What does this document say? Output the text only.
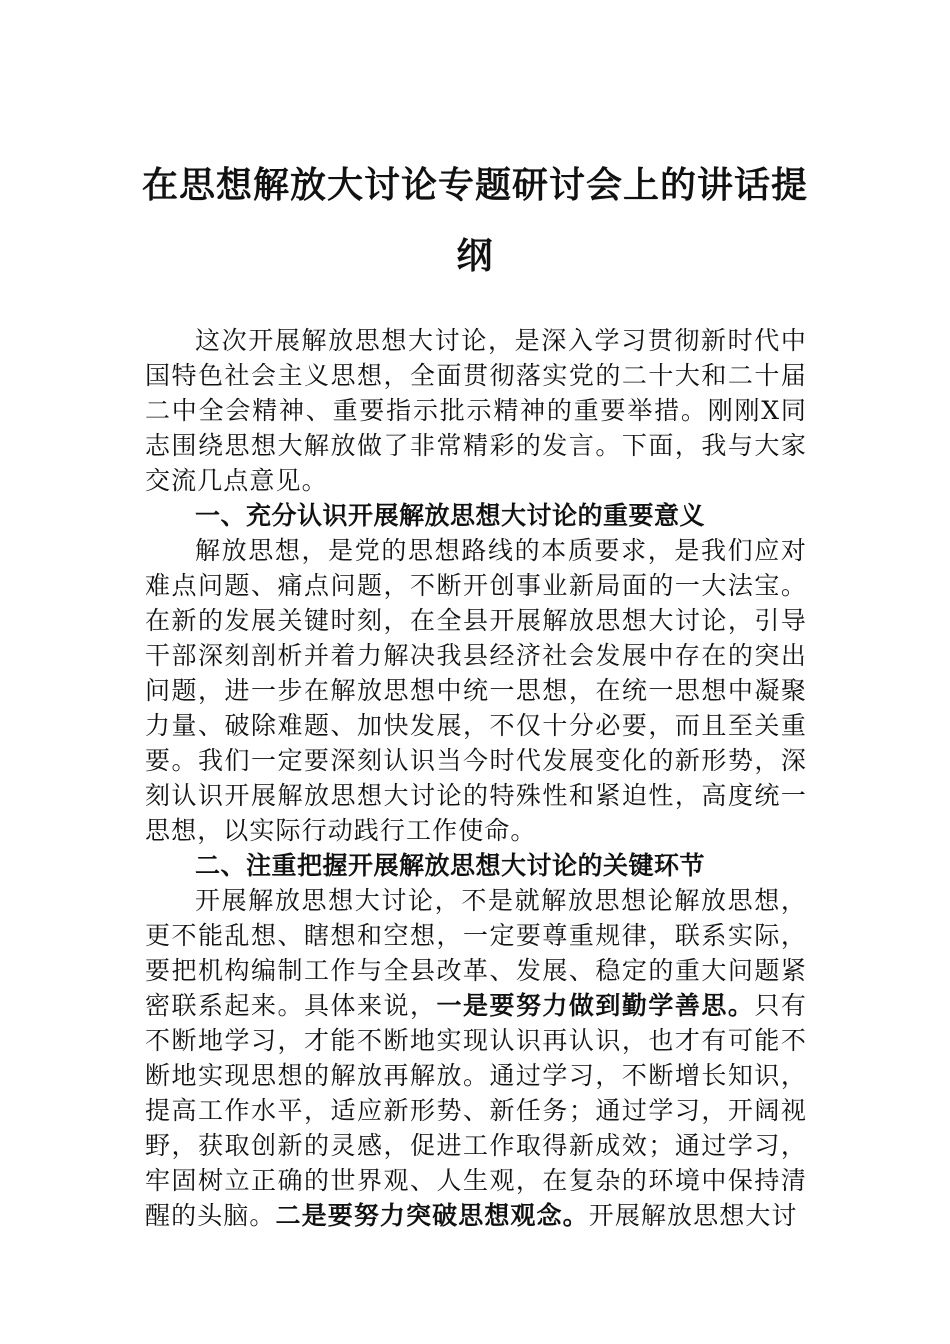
在思想解放大讨论专题研讨会上的讲话提纲

这次开展解放思想大讨论，是深入学习贯彻新时代中国特色社会主义思想，全面贯彻落实党的二十大和二十届二中全会精神、重要指示批示精神的重要举措。刚刚X同志围绕思想大解放做了非常精彩的发言。下面，我与大家交流几点意见。

一、充分认识开展解放思想大讨论的重要意义

解放思想，是党的思想路线的本质要求，是我们应对难点问题、痛点问题，不断开创事业新局面的一大法宝。在新的发展关键时刻，在全县开展解放思想大讨论，引导干部深刻剖析并着力解决我县经济社会发展中存在的突出问题，进一步在解放思想中统一思想，在统一思想中凝聚力量、破除难题、加快发展，不仅十分必要，而且至关重要。我们一定要深刻认识当今时代发展变化的新形势，深刻认识开展解放思想大讨论的特殊性和紧迫性，高度统一思想，以实际行动践行工作使命。

二、注重把握开展解放思想大讨论的关键环节

开展解放思想大讨论，不是就解放思想论解放思想，更不能乱想、瞎想和空想，一定要尊重规律，联系实际，要把机构编制工作与全县改革、发展、稳定的重大问题紧密联系起来。具体来说，一是要努力做到勤学善思。只有不断地学习，才能不断地实现认识再认识，也才有可能不断地实现思想的解放再解放。通过学习，不断增长知识，提高工作水平，适应新形势、新任务；通过学习，开阔视野，获取创新的灵感，促进工作取得新成效；通过学习，牢固树立正确的世界观、人生观，在复杂的环境中保持清醒的头脑。二是要努力突破思想观念。开展解放思想大讨
